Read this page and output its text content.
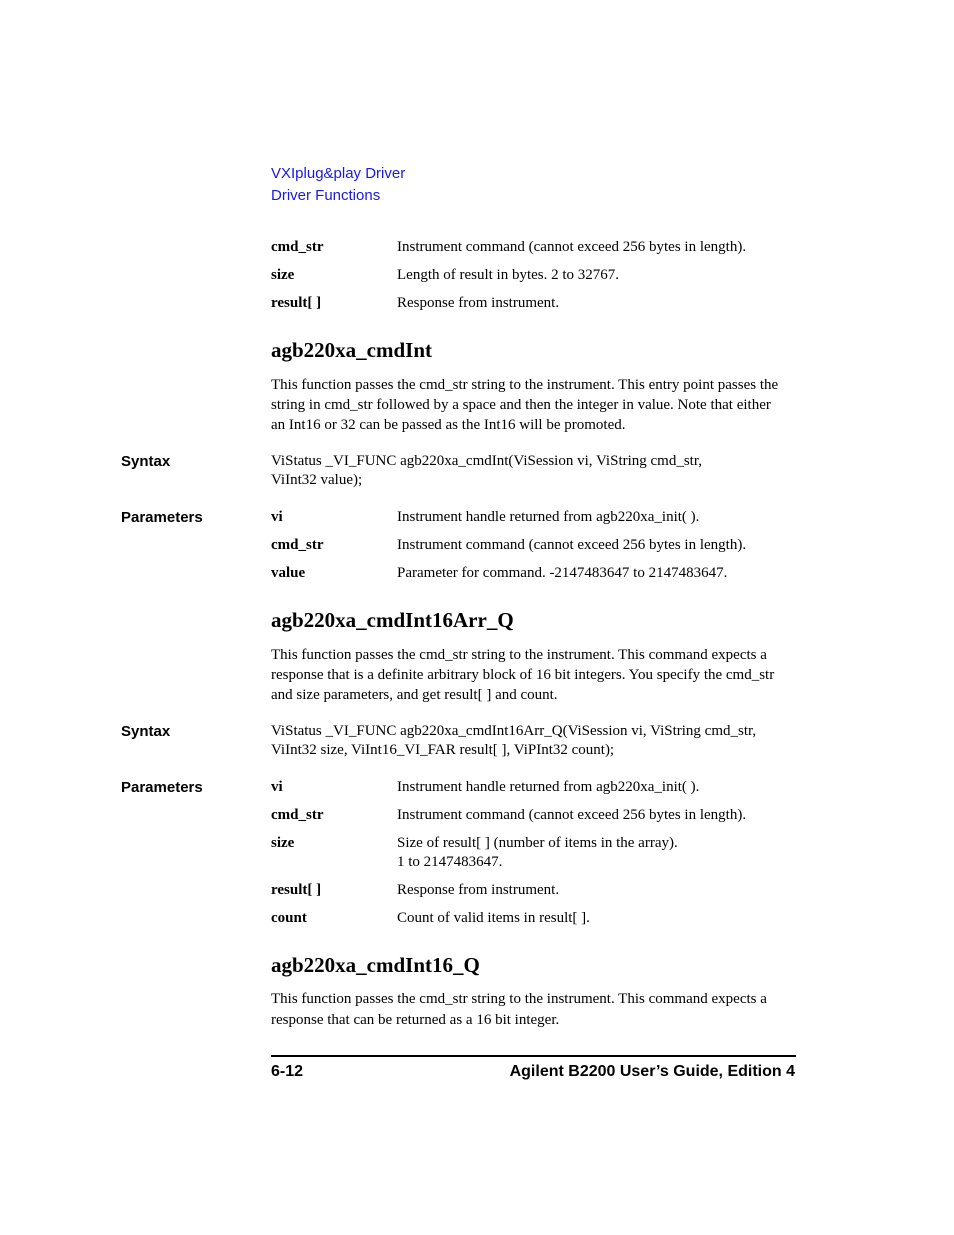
VXIplug&play Driver
Driver Functions
cmd_str	Instrument command (cannot exceed 256 bytes in length).
size	Length of result in bytes. 2 to 32767.
result[ ]	Response from instrument.
agb220xa_cmdInt
This function passes the cmd_str string to the instrument. This entry point passes the
string in cmd_str followed by a space and then the integer in value. Note that either
an Int16 or 32 can be passed as the Int16 will be promoted.
Syntax	ViStatus _VI_FUNC agb220xa_cmdInt(ViSession vi, ViString cmd_str,
ViInt32 value);
Parameters	vi	Instrument handle returned from agb220xa_init( ).
cmd_str	Instrument command (cannot exceed 256 bytes in length).
value	Parameter for command. -2147483647 to 2147483647.
agb220xa_cmdInt16Arr_Q
This function passes the cmd_str string to the instrument. This command expects a
response that is a definite arbitrary block of 16 bit integers. You specify the cmd_str
and size parameters, and get result[ ] and count.
Syntax	ViStatus _VI_FUNC agb220xa_cmdInt16Arr_Q(ViSession vi, ViString cmd_str,
ViInt32 size, ViInt16_VI_FAR result[ ], ViPInt32 count);
Parameters	vi	Instrument handle returned from agb220xa_init( ).
cmd_str	Instrument command (cannot exceed 256 bytes in length).
size	Size of result[ ] (number of items in the array).
1 to 2147483647.
result[ ]	Response from instrument.
count	Count of valid items in result[ ].
agb220xa_cmdInt16_Q
This function passes the cmd_str string to the instrument. This command expects a
response that can be returned as a 16 bit integer.
6-12	Agilent B2200 User’s Guide, Edition 4
